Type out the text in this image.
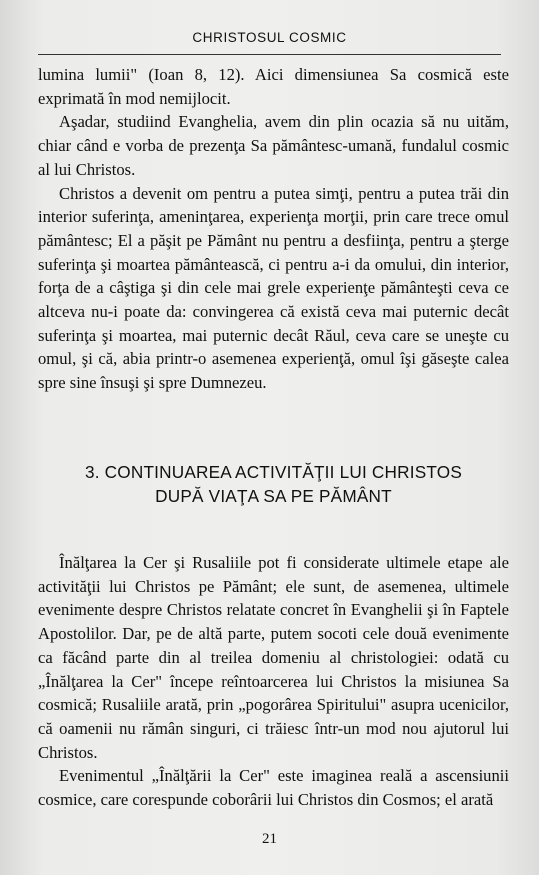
CHRISTOSUL COSMIC

lumina lumii" (Ioan 8, 12). Aici dimensiunea Sa cosmică este exprimată în mod nemijlocit.

Aşadar, studiind Evanghelia, avem din plin ocazia să nu uităm, chiar când e vorba de prezenţa Sa pământesc-umană, fundalul cosmic al lui Christos.

Christos a devenit om pentru a putea simţi, pentru a putea trăi din interior suferinţa, ameninţarea, experienţa morţii, prin care trece omul pământesc; El a păşit pe Pământ nu pentru a desfiinţa, pentru a şterge suferinţa şi moartea pământească, ci pentru a-i da omului, din interior, forţa de a câştiga şi din cele mai grele experienţe pământeşti ceva ce altceva nu-i poate da: convingerea că există ceva mai puternic decât suferinţa şi moartea, mai puternic decât Răul, ceva care se uneşte cu omul, şi că, abia printr-o asemenea experienţă, omul îşi găseşte calea spre sine însuşi şi spre Dumnezeu.

3. CONTINUAREA ACTIVITĂŢII LUI CHRISTOS
DUPĂ VIAŢA SA PE PĂMÂNT

Înălţarea la Cer şi Rusaliile pot fi considerate ultimele etape ale activităţii lui Christos pe Pământ; ele sunt, de asemenea, ultimele evenimente despre Christos relatate concret în Evanghelii şi în Faptele Apostolilor. Dar, pe de altă parte, putem socoti cele două evenimente ca făcând parte din al treilea domeniu al christologiei: odată cu „Înălţarea la Cer" începe reîntoarcerea lui Christos la misiunea Sa cosmică; Rusaliile arată, prin „pogorârea Spiritului" asupra ucenicilor, că oamenii nu rămân singuri, ci trăiesc într-un mod nou ajutorul lui Christos.

Evenimentul „Înălţării la Cer" este imaginea reală a ascensiunii cosmice, care corespunde coborârii lui Christos din Cosmos; el arată

21
